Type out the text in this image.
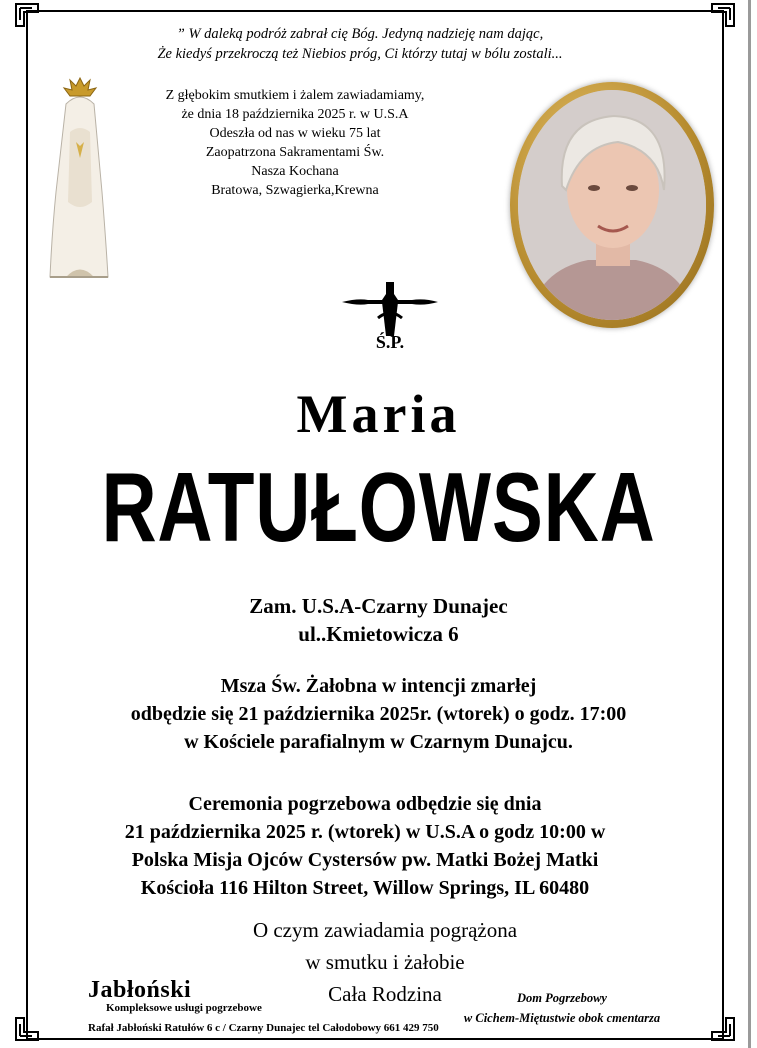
” W daleką podróż zabrał cię Bóg. Jedyną nadzieję nam dając,
Że kiedyś przekroczą też Niebios próg, Ci którzy tutaj w bólu zostali...
Z głębokim smutkiem i żalem zawiadamiamy,
że dnia 18 października 2025 r. w U.S.A
Odeszła od nas w wieku 75 lat
Zaopatrzona Sakramentami Św.
Nasza Kochana
Bratowa, Szwagierka,Krewna
Ś.P.
Maria
RATUŁOWSKA
Zam. U.S.A-Czarny Dunajec
ul..Kmietowicza 6
Msza Św. Żałobna w intencji zmarłej
odbędzie się 21 października 2025r. (wtorek) o godz. 17:00
w Kościele parafialnym w Czarnym Dunajcu.
Ceremonia pogrzebowa odbędzie się dnia
21 października 2025 r. (wtorek) w U.S.A o godz 10:00 w
Polska Misja Ojców Cystersów pw. Matki Bożej Matki
Kościoła 116 Hilton Street, Willow Springs, IL 60480
O czym zawiadamia pogrążona
w smutku i żałobie
Cała Rodzina
Jabłoński
Kompleksowe usługi pogrzebowe
Rafał Jabłoński Ratułów 6 c / Czarny Dunajec tel Całodobowy 661 429 750
Dom Pogrzebowy
w Cichem-Miętustwie obok cmentarza
